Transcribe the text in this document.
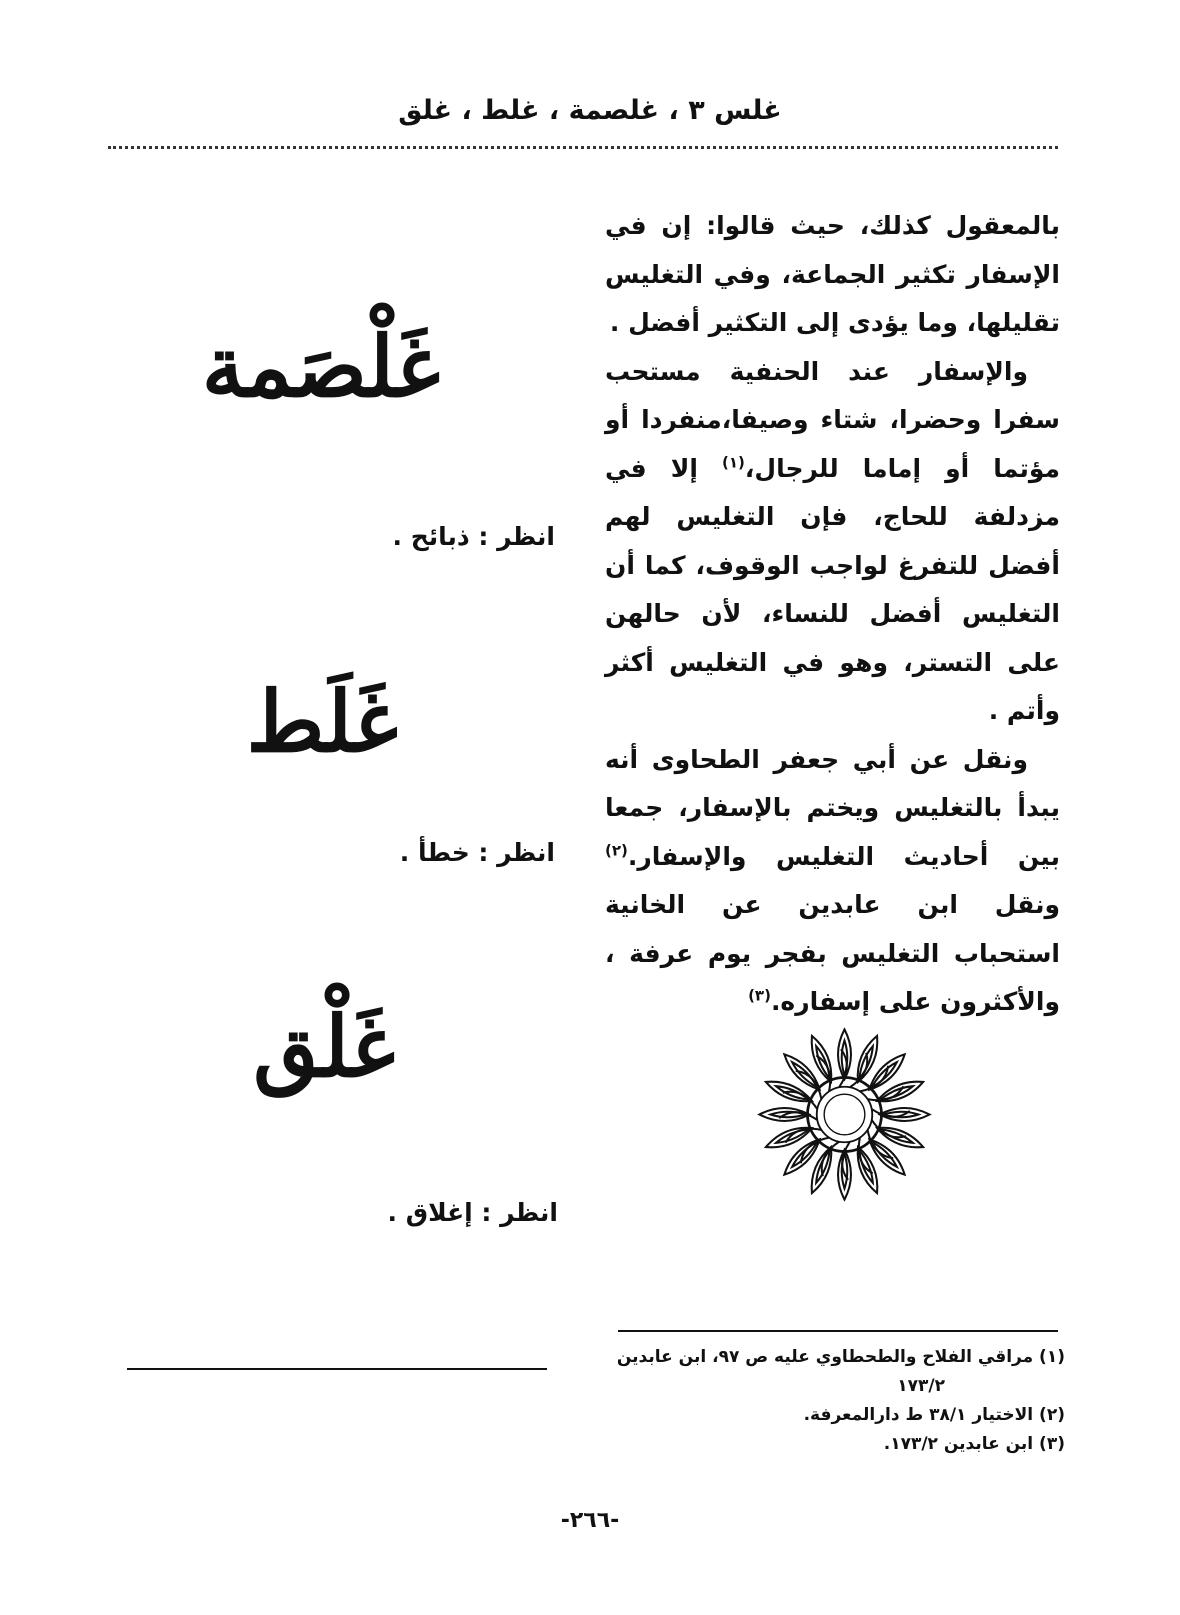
غلس ٣ ، غلصمة ، غلط ، غلق

بالمعقول كذلك، حيث قالوا: إن في الإسفار تكثير الجماعة، وفي التغليس تقليلها، وما يؤدى إلى التكثير أفضل .

والإسفار عند الحنفية مستحب سفرا وحضرا، شتاء وصيفا،منفردا أو مؤتما أو إماما للرجال،$^{(١)}$ إلا في مزدلفة للحاج، فإن التغليس لهم أفضل للتفرغ لواجب الوقوف، كما أن التغليس أفضل للنساء، لأن حالهن على التستر، وهو في التغليس أكثر وأتم .

ونقل عن أبي جعفر الطحاوى أنه يبدأ بالتغليس ويختم بالإسفار، جمعا بين أحاديث التغليس والإسفار.$^{(٢)}$ ونقل ابن عابدين عن الخانية استحباب التغليس بفجر يوم عرفة ، والأكثرون على إسفاره.$^{(٣)}$

غَلْصَمة
انظر : ذبائح .
غَلَط
انظر : خطأ .
غَلْق
انظر : إغلاق .

(١) مراقي الفلاح والطحطاوي عليه ص ٩٧، ابن عابدين

١٧٣/٢

(٢) الاختيار ٣٨/١ ط دارالمعرفة.

(٣) ابن عابدين ١٧٣/٢.

-٢٦٦-
